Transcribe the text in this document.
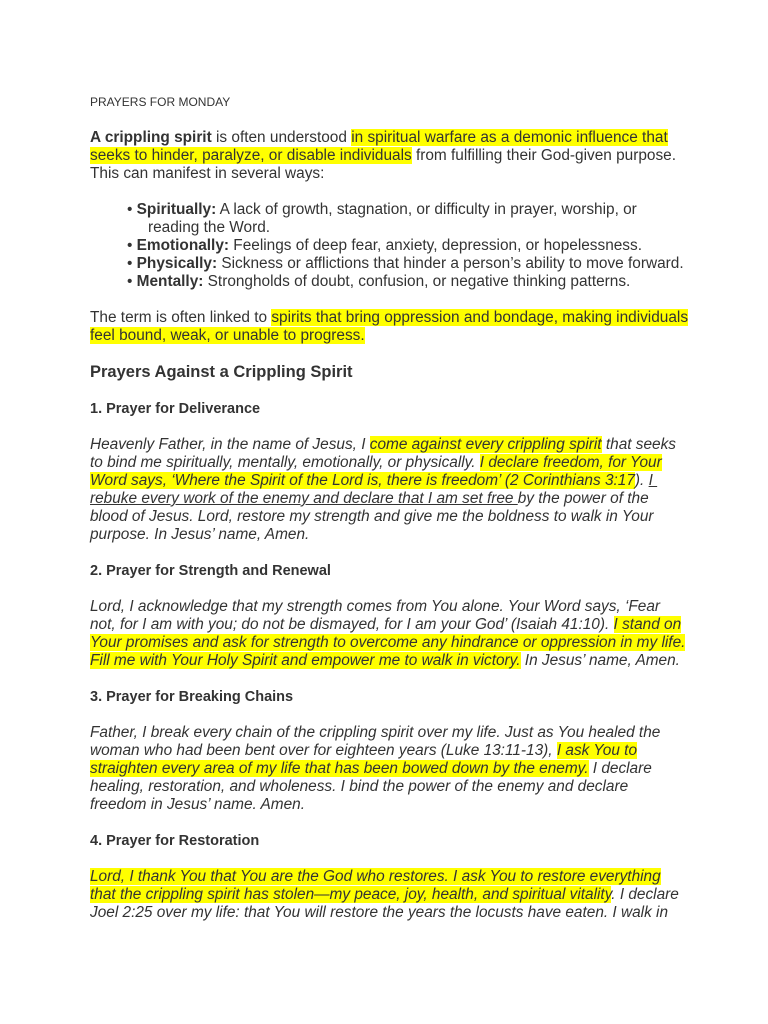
PRAYERS FOR MONDAY
A crippling spirit is often understood in spiritual warfare as a demonic influence that
seeks to hinder, paralyze, or disable individuals from fulfilling their God-given purpose.
This can manifest in several ways:
• Spiritually: A lack of growth, stagnation, or difficulty in prayer, worship, or
reading the Word.
• Emotionally: Feelings of deep fear, anxiety, depression, or hopelessness.
• Physically: Sickness or afflictions that hinder a person’s ability to move forward.
• Mentally: Strongholds of doubt, confusion, or negative thinking patterns.
The term is often linked to spirits that bring oppression and bondage, making individuals
feel bound, weak, or unable to progress.
Prayers Against a Crippling Spirit
1. Prayer for Deliverance
Heavenly Father, in the name of Jesus, I come against every crippling spirit that seeks
to bind me spiritually, mentally, emotionally, or physically. I declare freedom, for Your
Word says, ‘Where the Spirit of the Lord is, there is freedom’ (2 Corinthians 3:17). I
rebuke every work of the enemy and declare that I am set free by the power of the
blood of Jesus. Lord, restore my strength and give me the boldness to walk in Your
purpose. In Jesus’ name, Amen.
2. Prayer for Strength and Renewal
Lord, I acknowledge that my strength comes from You alone. Your Word says, ‘Fear
not, for I am with you; do not be dismayed, for I am your God’ (Isaiah 41:10). I stand on
Your promises and ask for strength to overcome any hindrance or oppression in my life.
Fill me with Your Holy Spirit and empower me to walk in victory. In Jesus’ name, Amen.
3. Prayer for Breaking Chains
Father, I break every chain of the crippling spirit over my life. Just as You healed the
woman who had been bent over for eighteen years (Luke 13:11-13), I ask You to
straighten every area of my life that has been bowed down by the enemy. I declare
healing, restoration, and wholeness. I bind the power of the enemy and declare
freedom in Jesus’ name. Amen.
4. Prayer for Restoration
Lord, I thank You that You are the God who restores. I ask You to restore everything
that the crippling spirit has stolen—my peace, joy, health, and spiritual vitality. I declare
Joel 2:25 over my life: that You will restore the years the locusts have eaten. I walk in
